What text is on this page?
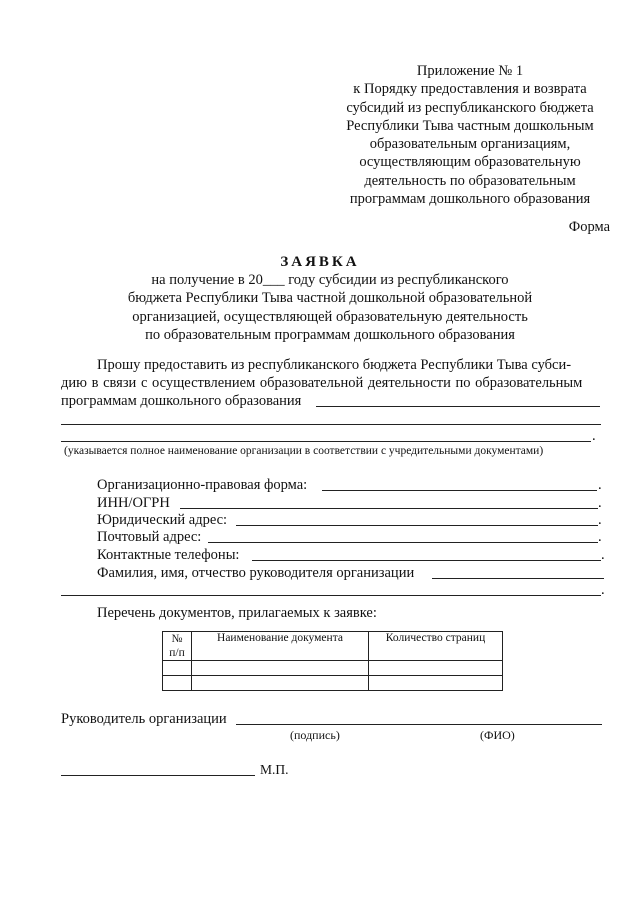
Приложение № 1
к Порядку предоставления и возврата
субсидий из республиканского бюджета
Республики Тыва частным дошкольным
образовательным организациям,
осуществляющим образовательную
деятельность по образовательным
программам дошкольного образования
Форма
ЗАЯВКА
на получение в 20___ году субсидии из республиканского
бюджета Республики Тыва частной дошкольной образовательной
организацией, осуществляющей образовательную деятельность
по образовательным программам дошкольного образования
Прошу предоставить из республиканского бюджета Республики Тыва субси-
дию в связи с осуществлением образовательной деятельности по образовательным
программам дошкольного образования
.
(указывается полное наименование организации в соответствии с учредительными документами)
Организационно-правовая форма:	.
ИНН/ОГРН	.
Юридический адрес:	.
Почтовый адрес:	.
Контактные телефоны:	.
Фамилия, имя, отчество руководителя организации
.
Перечень документов, прилагаемых к заявке:
№ п/п	Наименование документа	Количество страниц

Руководитель организации
(подпись)	(ФИО)
М.П.
